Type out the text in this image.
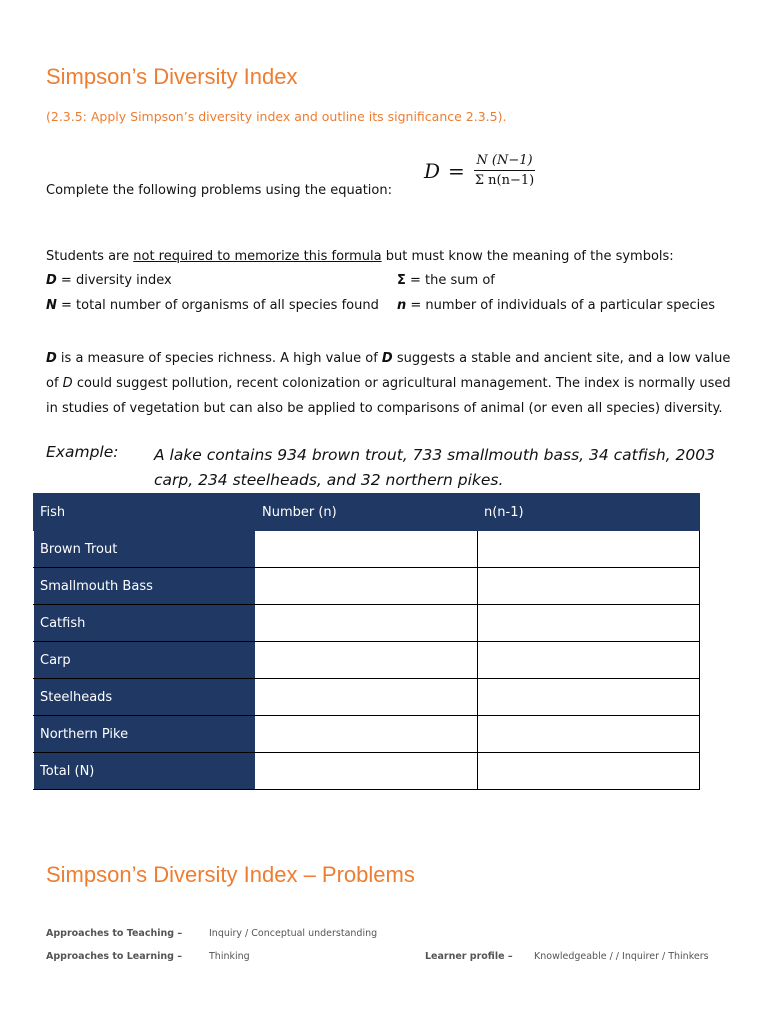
Simpson’s Diversity Index
(2.3.5: Apply Simpson’s diversity index and outline its significance 2.3.5).
Complete the following problems using the equation:
$D = \frac{N (N-1)}{\text{Σ n(n−1)}}$
Students are not required to memorize this formula but must know the meaning of the symbols:
D = diversity index	Σ = the sum of
N = total number of organisms of all species found n = number of individuals of a particular species
D is a measure of species richness. A high value of D suggests a stable and ancient site, and a low value of D could suggest pollution, recent colonization or agricultural management. The index is normally used in studies of vegetation but can also be applied to comparisons of animal (or even all species) diversity.
Example: A lake contains 934 brown trout, 733 smallmouth bass, 34 catfish, 2003 carp, 234 steelheads, and 32 northern pikes.
Fish	Number (n)	n(n-1)
Brown Trout		
Smallmouth Bass		
Catfish		
Carp		
Steelheads		
Northern Pike		
Total (N)		
Simpson’s Diversity Index – Problems
Approaches to Teaching –	Inquiry / Conceptual understanding
Approaches to Learning –	Thinking	Learner profile – Knowledgeable / / Inquirer / Thinkers
